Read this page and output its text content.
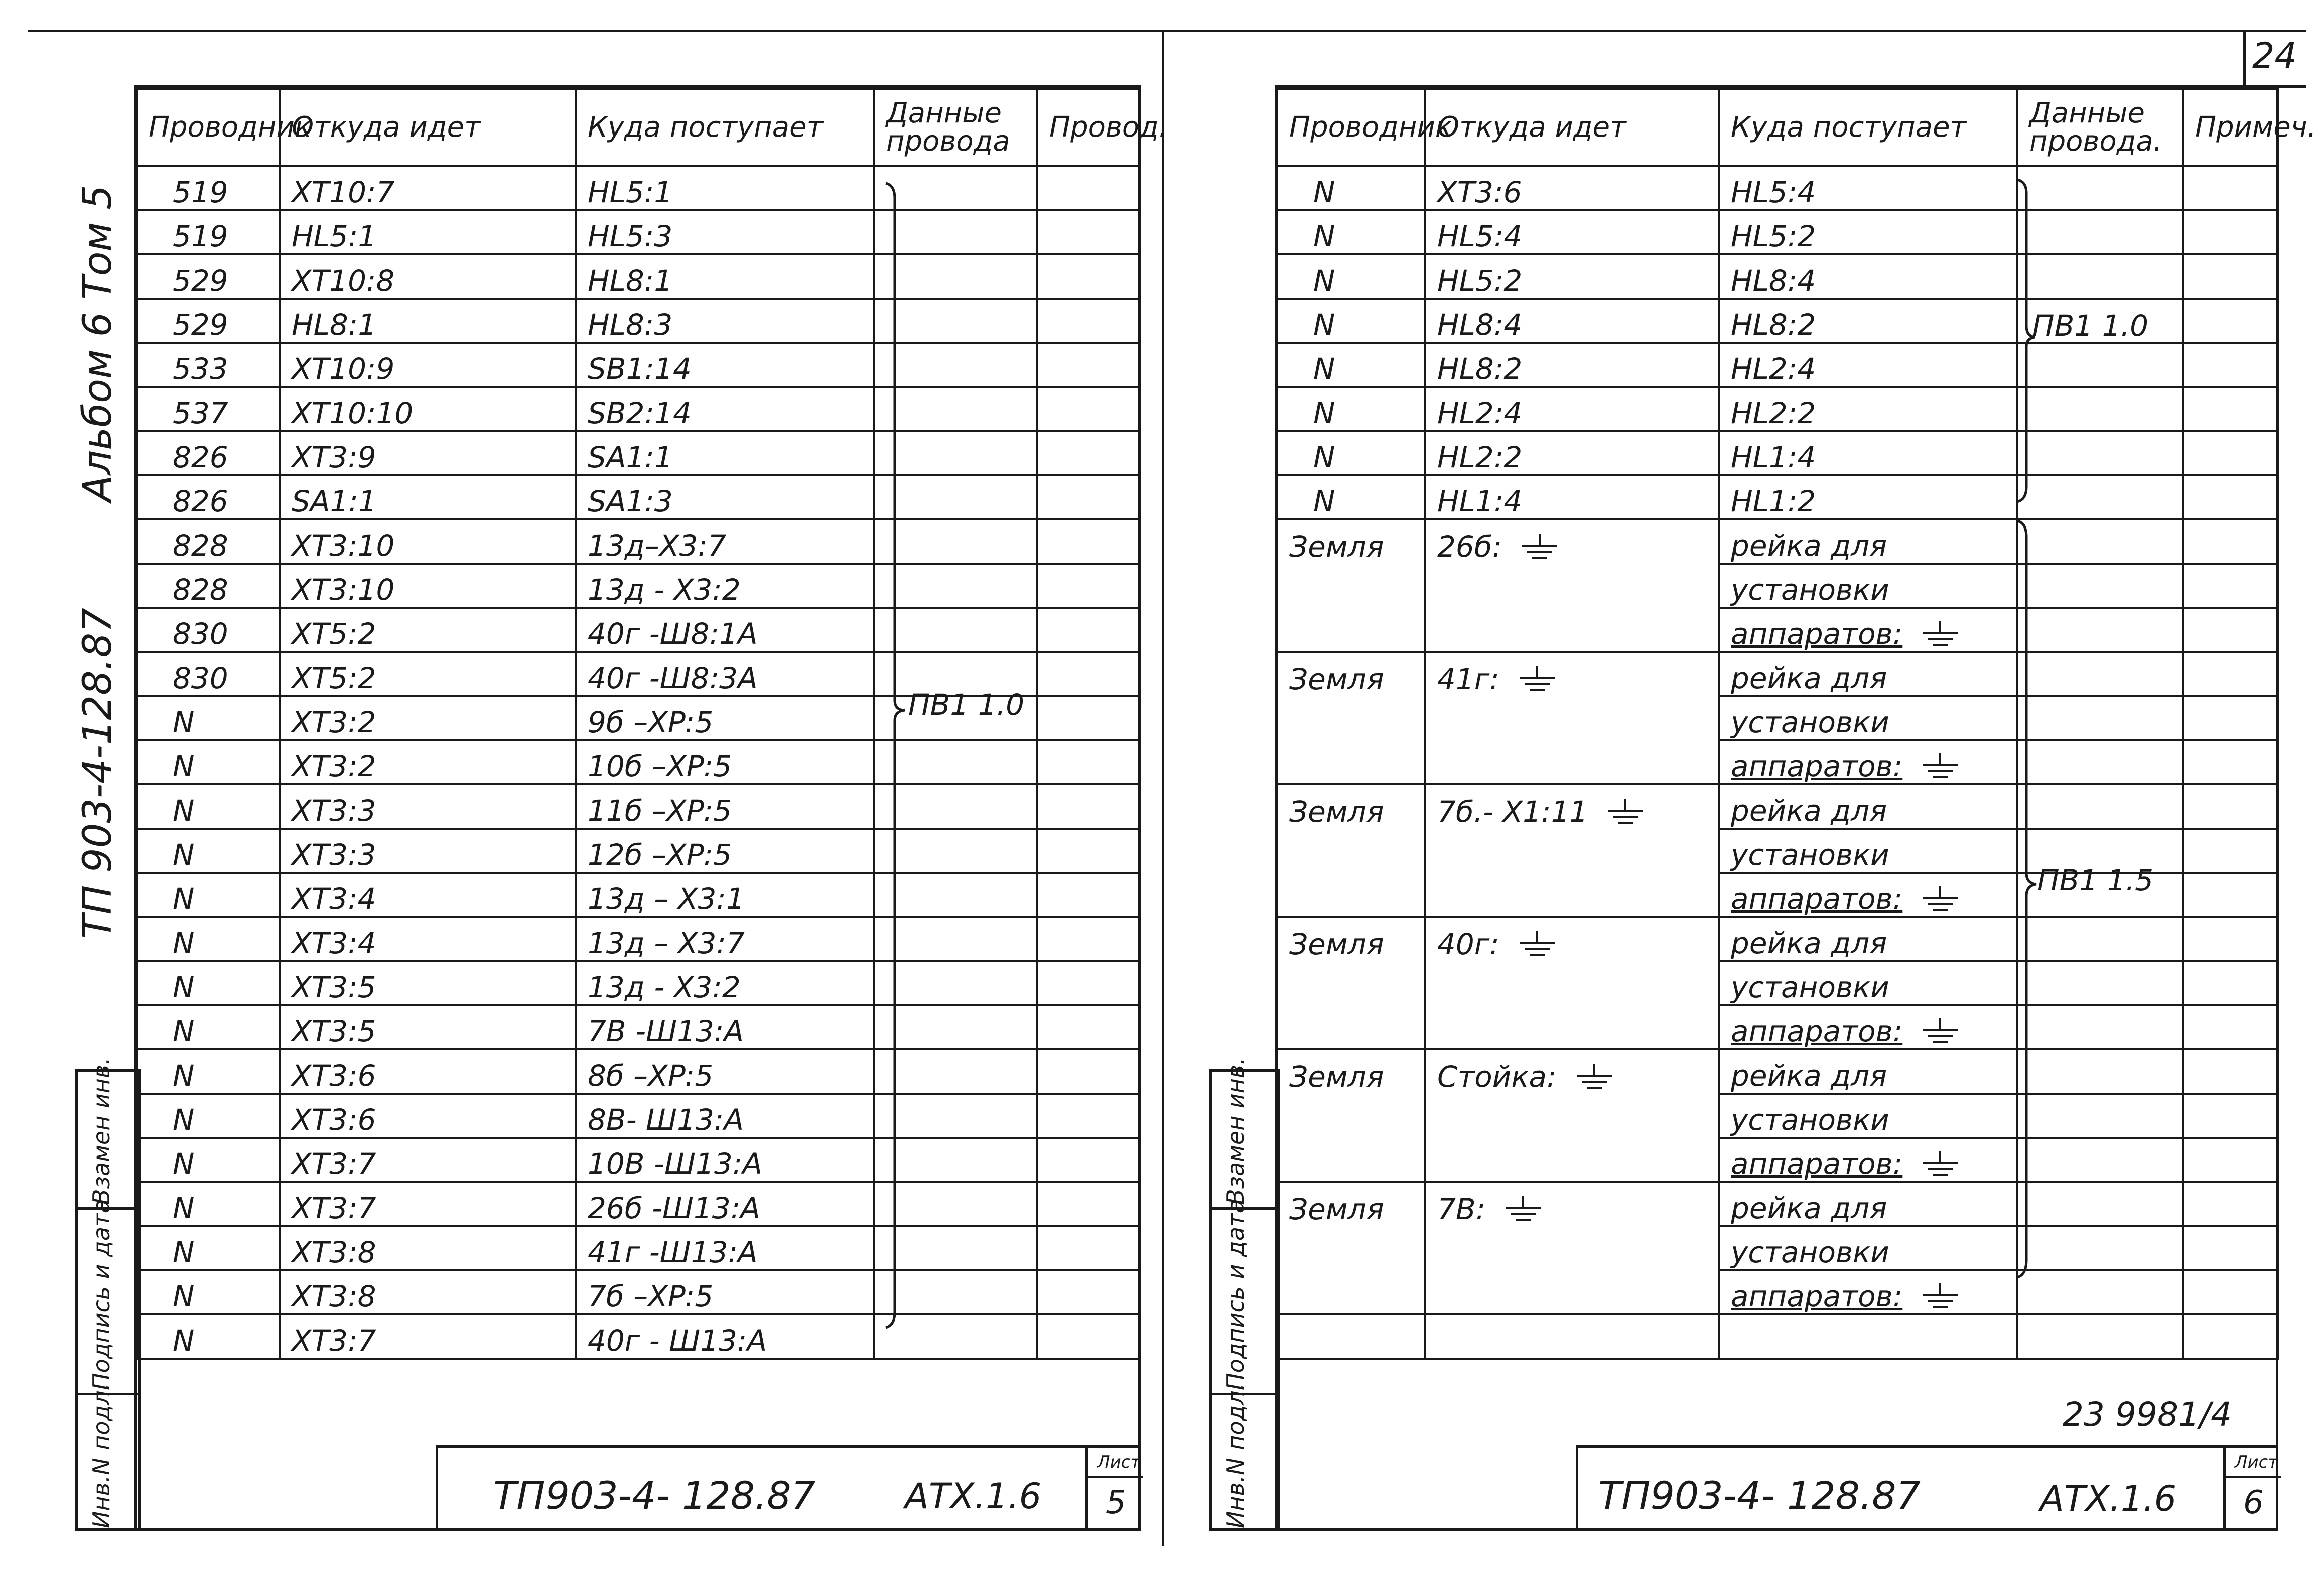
Альбом 6 Том 5
ТП 903-4-128.87
Проводник	Откуда идет	Куда поступает	Данные провода	Провод.
519	XT10:7	HL5:1		
519	HL5:1	HL5:3		
529	XT10:8	HL8:1		
529	HL8:1	HL8:3		
533	XT10:9	SB1:14		
537	XT10:10	SB2:14		
826	XT3:9	SA1:1		
826	SA1:1	SA1:3		
828	XT3:10	13д–X3:7		
828	XT3:10	13д - X3:2		
830	XT5:2	40г -Ш8:1А		
830	XT5:2	40г -Ш8:3А		
N	XT3:2	9б –XP:5		
N	XT3:2	10б –XP:5		
N	XT3:3	11б –XP:5		
N	XT3:3	12б –XP:5		
N	XT3:4	13д – X3:1		
N	XT3:4	13д – X3:7		
N	XT3:5	13д - X3:2		
N	XT3:5	7В -Ш13:А		
N	XT3:6	8б –XP:5		
N	XT3:6	8В- Ш13:А		
N	XT3:7	10В -Ш13:А		
N	XT3:7	26б -Ш13:А		
N	XT3:8	41г -Ш13:А		
N	XT3:8	7б –XP:5		
N	XT3:7	40г - Ш13:А		

ПВ1 1.0
Взамен инв.
Подпись и дата
Инв.N подл.	ТП903-4- 128.87	АТХ.1.6
Лист
5
24
Проводник	Откуда идет	Куда поступает	Данные провода.	Примеч.
N	XT3:6	HL5:4		
N	HL5:4	HL5:2		
N	HL5:2	HL8:4		
N	HL8:4	HL8:2		
N	HL8:2	HL2:4		
N	HL2:4	HL2:2		
N	HL2:2	HL1:4		
N	HL1:4	HL1:2		
Земля	26б:	рейка для		
		установки		
		аппаратов:

Земля	41г:	рейка для		
		установки		
		аппаратов:

Земля	7б.- X1:11	рейка для		
		установки		
		аппаратов:

Земля	40г:	рейка для		
		установки		
		аппаратов:

Земля	Стойка:	рейка для		
		установки		
		аппаратов:

Земля	7В:	рейка для		
		установки		
		аппаратов:

ПВ1 1.0
ПВ1 1.5
Взамен инв.
Подпись и дата
Инв.N подл.	23 9981/4
ТП903-4- 128.87	АТХ.1.6
Лист
6
